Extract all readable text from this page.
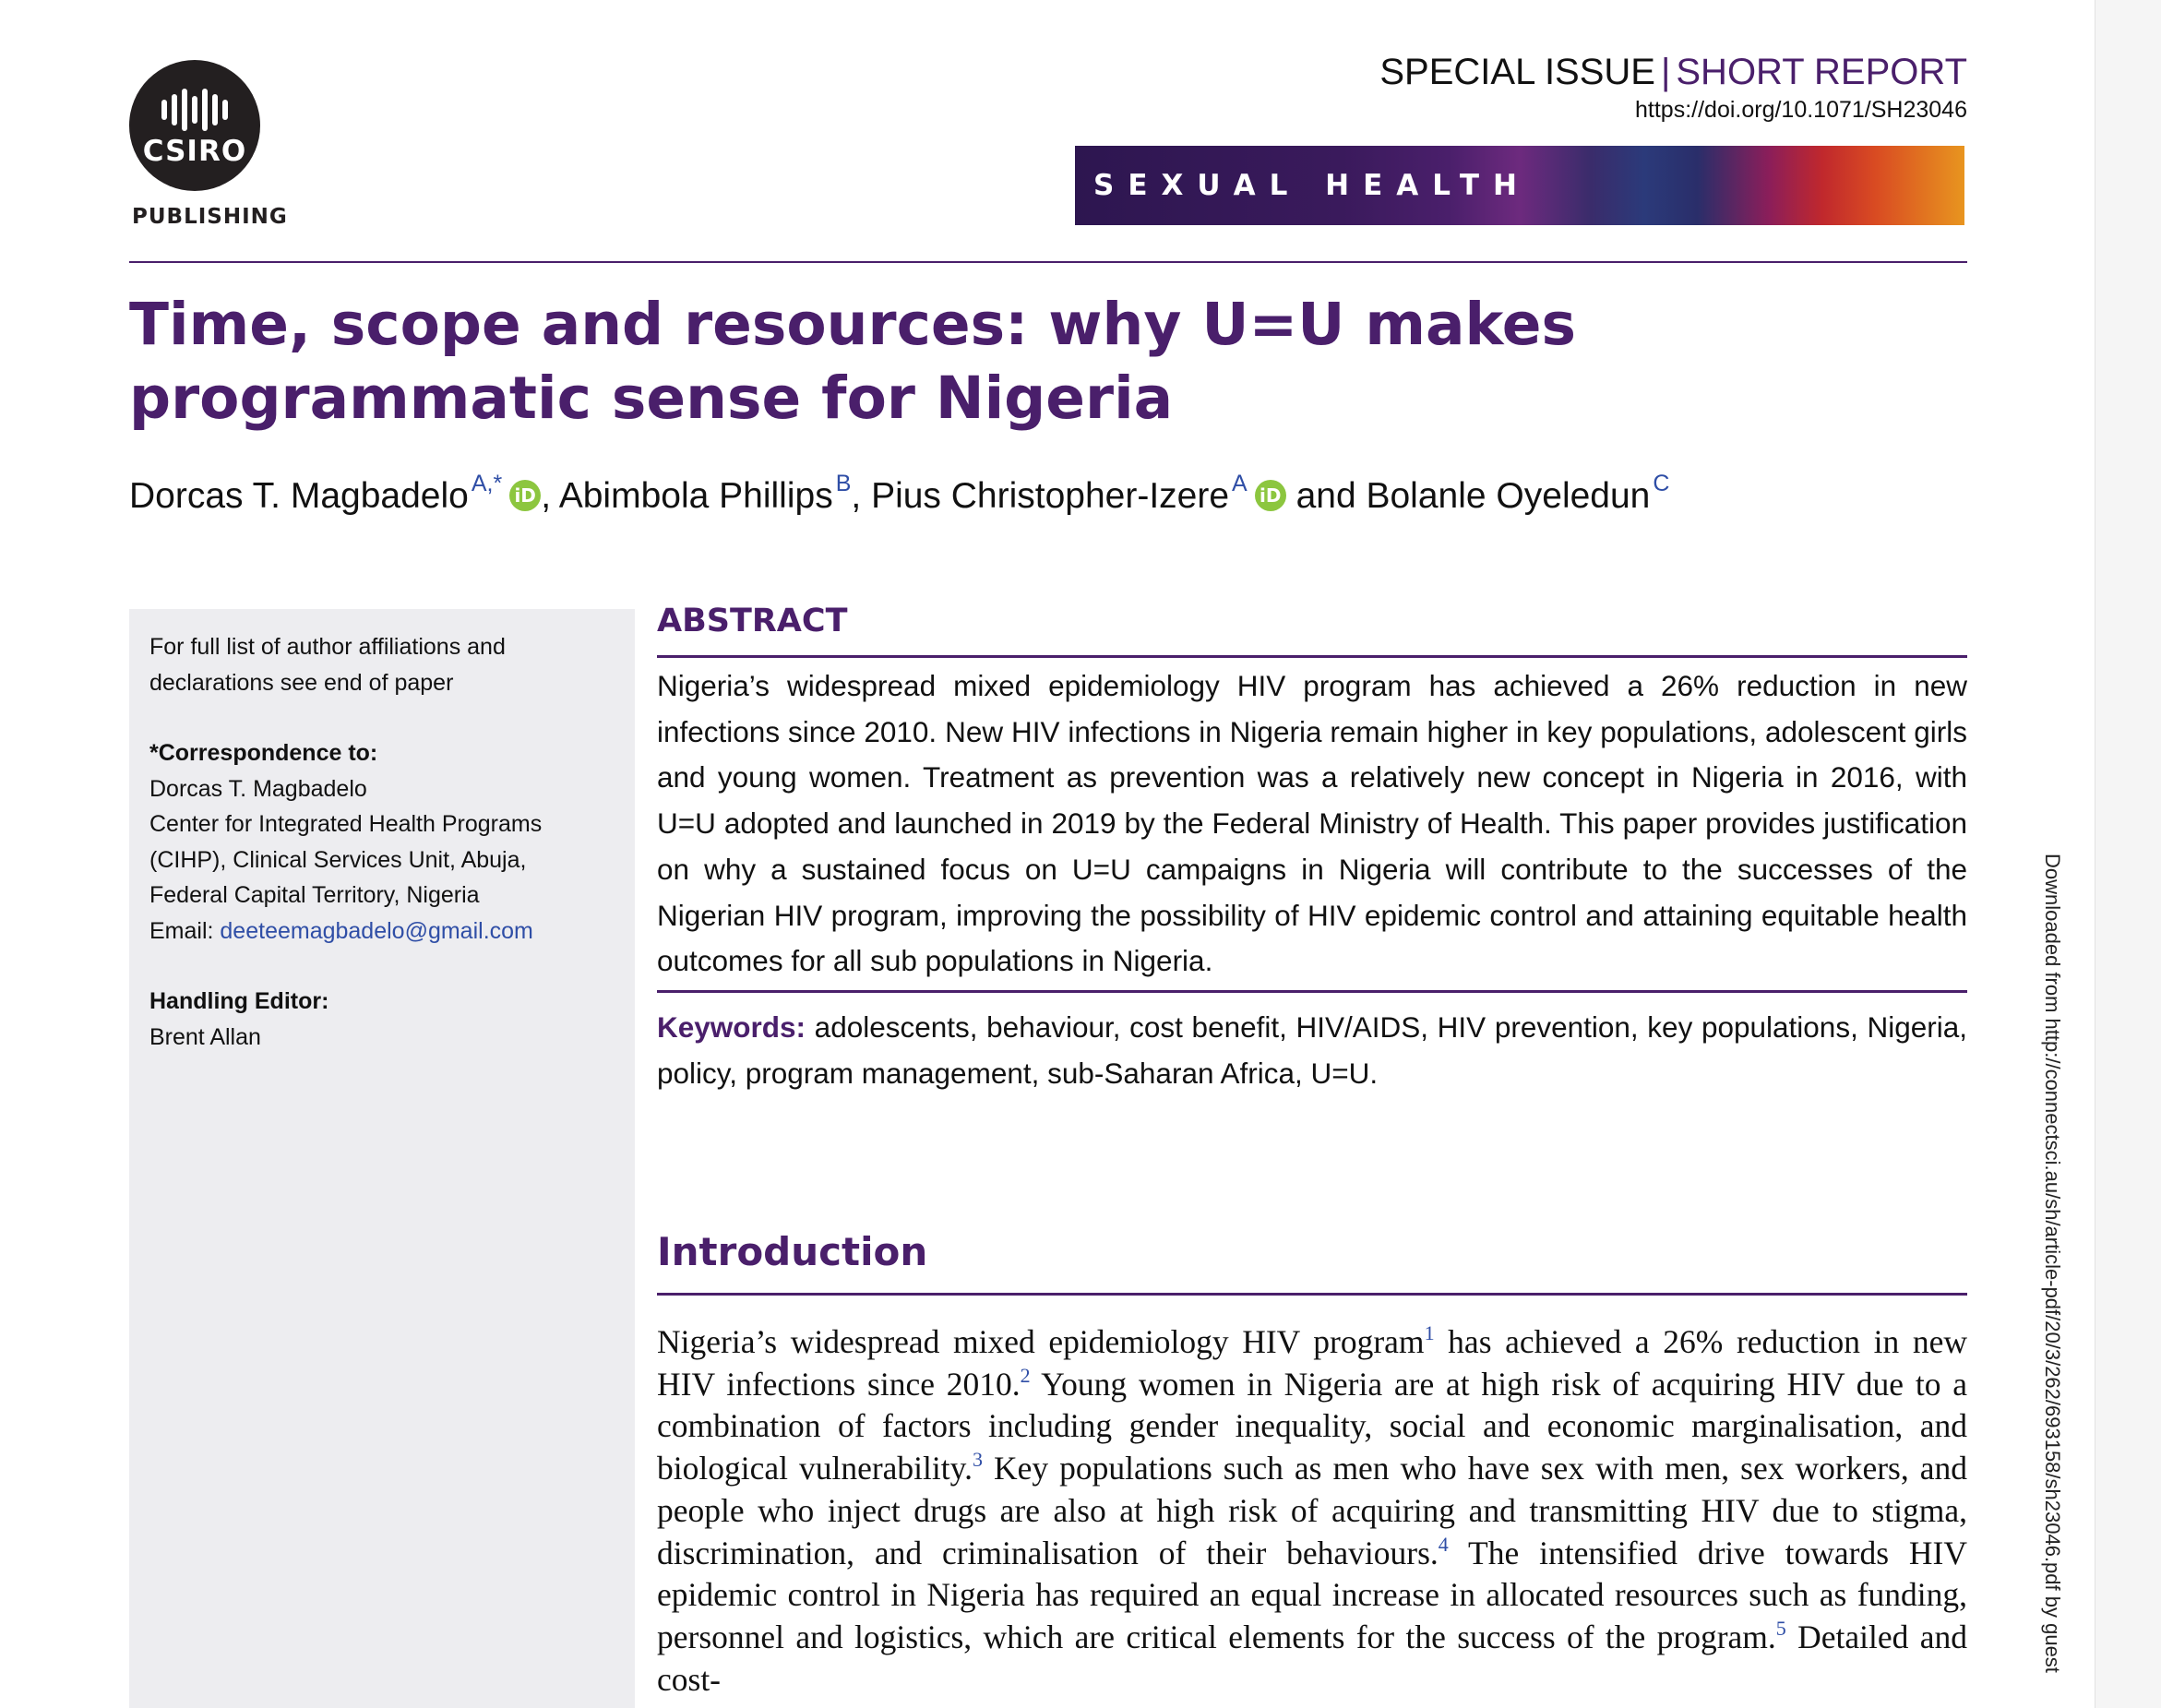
CSIRO
PUBLISHING
SPECIAL ISSUE | SHORT REPORT
https://doi.org/10.1071/SH23046
SEXUAL HEALTH
Time, scope and resources: why U=U makes programmatic sense for Nigeria
Dorcas T. Magbadelo $^{A,*}$ iD , Abimbola Phillips $^B$, Pius Christopher-Izere $^A$ iD and Bolanle Oyeledun $^C$

For full list of author affiliations and declarations see end of paper

*Correspondence to:

Dorcas T. Magbadelo

Center for Integrated Health Programs

(CIHP), Clinical Services Unit, Abuja,

Federal Capital Territory, Nigeria

Email: deeteemagbadelo@gmail.com

Handling Editor:

Brent Allan

ABSTRACT

Nigeria’s widespread mixed epidemiology HIV program has achieved a 26% reduction in new infections since 2010. New HIV infections in Nigeria remain higher in key populations, adolescent girls and young women. Treatment as prevention was a relatively new concept in Nigeria in 2016, with U=U adopted and launched in 2019 by the Federal Ministry of Health. This paper provides justification on why a sustained focus on U=U campaigns in Nigeria will contribute to the successes of the Nigerian HIV program, improving the possibility of HIV epidemic control and attaining equitable health outcomes for all sub populations in Nigeria.

Keywords: adolescents, behaviour, cost benefit, HIV/AIDS, HIV prevention, key populations, Nigeria, policy, program management, sub-Saharan Africa, U=U.

Introduction

Nigeria’s widespread mixed epidemiology HIV program$^1$ has achieved a 26% reduction in new HIV infections since 2010.$^2$ Young women in Nigeria are at high risk of acquiring HIV due to a combination of factors including gender inequality, social and economic marginalisation, and biological vulnerability.$^3$ Key populations such as men who have sex with men, sex workers, and people who inject drugs are also at high risk of acquiring and transmitting HIV due to stigma, discrimination, and criminalisation of their behaviours.$^4$ The intensified drive towards HIV epidemic control in Nigeria has required an equal increase in allocated resources such as funding, personnel and logistics, which are critical elements for the success of the program.$^5$ Detailed and cost-

Downloaded from http://connectsci.au/sh/article-pdf/20/3/262/693158/sh23046.pdf by guest
